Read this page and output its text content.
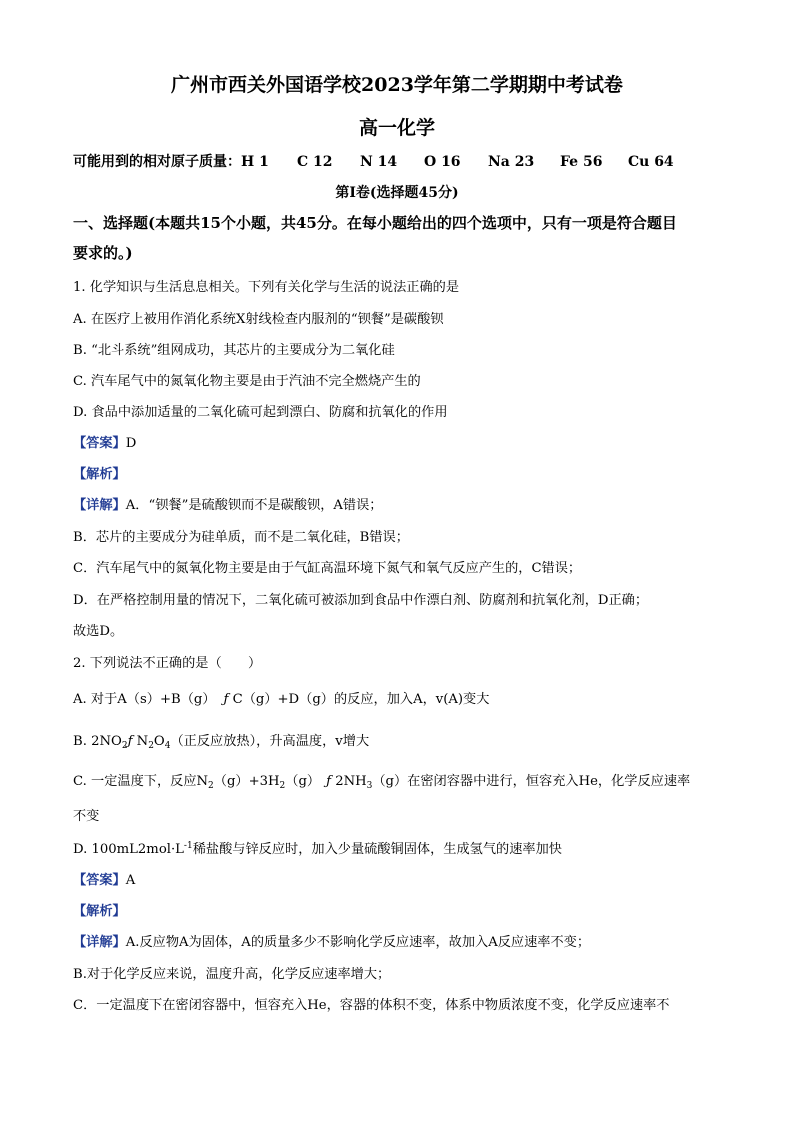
广州市西关外国语学校2023学年第二学期期中考试卷
高一化学
可能用到的相对原子质量：H 1 C 12 N 14 O 16 Na 23 Fe 56 Cu 64
第Ⅰ卷(选择题45分)
一、选择题(本题共15个小题，共45分。在每小题给出的四个选项中，只有一项是符合题目
要求的。)
1. 化学知识与生活息息相关。下列有关化学与生活的说法正确的是
A. 在医疗上被用作消化系统X射线检查内服剂的“钡餐”是碳酸钡
B. “北斗系统”组网成功，其芯片的主要成分为二氧化硅
C. 汽车尾气中的氮氧化物主要是由于汽油不完全燃烧产生的
D. 食品中添加适量的二氧化硫可起到漂白、防腐和抗氧化的作用
【答案】D
【解析】
【详解】A．“钡餐”是硫酸钡而不是碳酸钡，A错误；
B．芯片的主要成分为硅单质，而不是二氧化硅，B错误；
C．汽车尾气中的氮氧化物主要是由于气缸高温环境下氮气和氧气反应产生的，C错误；
D．在严格控制用量的情况下，二氧化硫可被添加到食品中作漂白剂、防腐剂和抗氧化剂，D正确；
故选D。
2. 下列说法不正确的是（　　）
A. 对于A（s）+B（g） ƒ C（g）+D（g）的反应，加入A，v(A)变大
B. $2NO_2ƒ$ $N_2O_4$（正反应放热），升高温度，v增大
C. 一定温度下，反应$N_2(g)+3H_2(g)$ ƒ $2NH_3(g)$在密闭容器中进行，恒容充入He，化学反应速率
不变
D. $100mL2mol\cdot L^{-1}$稀盐酸与锌反应时，加入少量硫酸铜固体，生成氢气的速率加快
【答案】A
【解析】
【详解】A.反应物A为固体，A的质量多少不影响化学反应速率，故加入A反应速率不变；
B.对于化学反应来说，温度升高，化学反应速率增大；
C．一定温度下在密闭容器中，恒容充入He，容器的体积不变，体系中物质浓度不变，化学反应速率不
